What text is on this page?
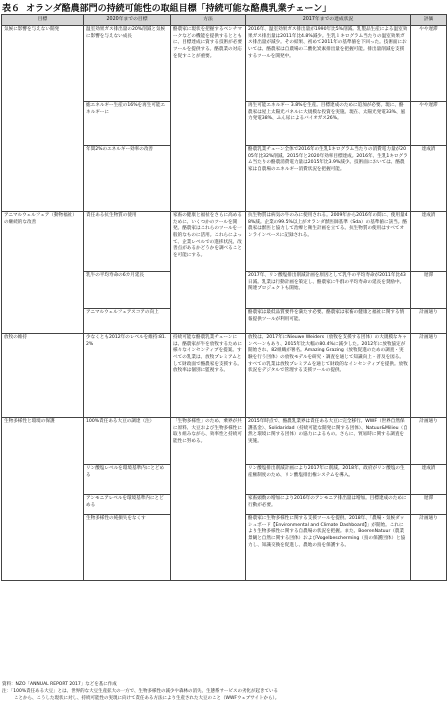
表６ オランダ酪農部門の持続可能性の取組目標「持続可能な酪農乳業チェーン」
目標	2020年までの目標	方法	2017年までの達成状況	評価
気候に影響を与えない開発	温室効果ガス排出量の20%削減と気候に影響を与えない成長	酪農家に現状を把握するベンチマークなどの機能を提供するとともに、目標達成に資する技術が必要ツールを提供する。酪農業の対応を促すことが重要。	2016年、温室効果ガス排出量が1990年比5%削減。乳製品生産による温室効果ガス排出量は2011年比4.8%減少。生乳１キログラム当たりの温室効果ガス排出量が減少。その結果、初めて2011年の基準値を下回った。技術面においては、酪農家は自農場の二酸化炭素排出量を把握可能。排出量削減を支援するツールを開発中。	やや遅滞
	総エネルギー生産の16%を再生可能エネルギーに		再生可能エネルギー 3.8%を生産。目標達成のために追加が必要。現に、酪農家は屋上太陽光パネルに大規模な投資を実施。現在、太陽光発電33%、風力発電38%、ふん尿によるバイオガス26%。	やや遅滞
	年間2%のエネルギー効率の改善		酪農乳業チェーン全体で2016年の生乳1キログラム当たりの消費電力量が2005年比32%削減。2015年と2020年効率目標達成。2016年、生乳1キログラム当たりの酪農消費電力量は2015年比3.9%減少。技術面においては、酪農家は自農場のエネルギー消費状況を把握可能。	達成済
アニマルウェルフェア（動物福祉）の継続的な改善	責任ある抗生物質の使用	家畜の健康と福祉をさらに高めるために、いくつかのツールを開発。酪農家はこれらのツールを一般的なものに活用。これらによって、企業レベルでの進捗状況、改善点があるかどうかを調べることを可能にする。	抗生物質は病気の牛のみに使用される。2009年から2016年の間に、使用量48%減。企業の99.5%以上がオランダ獣医師基準（Sda）の基準値に該当。酪農家は獣医と協力して治療と衛生計画を立てる。抗生物質の使用はすべてオンラインベースに記録される。	達成済
	乳牛の平均寿命の6カ月延長		2017年、リン酸塩排出削減計画を原因として乳牛の平均寿命が2011年比43日減。乳業は行動計画を策定し、酪農家に牛群の平均寿命の延長を奨励中。関連プロジェクトも開始。	遅滞
	アニマルウェルフェアスコアの向上		酪農家は最低品質要件を満たす必要。酪農家は家畜の健康と福祉に関する情報提供ツールが利用可能。	計画通り
放牧の維持	少なくとも2012年のレベルを維持:81.2%	持続可能な酪農乳業チェーンには、酪農家が牛を放牧するために様々なインセンティブを提案。すべての乳業は、放牧プレミアムとして財政面で酪農家を支援する。放牧率は個別に監視する。	放牧は、2017年にNieuwe Weiders（放牧を支援する団体）の大規模なキャンペーンもあり、2015年比大幅の80.4%に減少した。2012年に放牧協定が開始され、82組織が署名。Amazing Grazing（放牧促進のための調査・実験を行う団体）の放牧モデルを研究・調査を通じて知識向上・普及を図る。すべての乳業は放牧プレミアムを通じて財政的なインセンティブを提供。放牧状況をデジタルで管理する支援ツールの提供。	計画通り
生物多様性と環境の保護	100%責任ある大豆の調達（注）	「生物多様性」のため、乗界が共に原料、大豆および生物多様性に取り組みながら、効率性と持続可能性に努める。	2015年時点で、酪農乳業界は責任ある大豆に完全移行。WWF（世界自然保護基金）、Solidaridad（持続可能な開発に関する団体）、Natuur&Milieu（自然と環境に関する団体）の協力によるもの。さらに、貿易時に関する調査を実施。	計画通り
	リン酸塩レベルを環境基準内にとどめる		リン酸塩排出削減計画により2017年に削減。2018年、政府がリン酸塩の生産権制度のため、リン酸塩排出権システムを導入。	達成済
	アンモニアレベルを環境基準内にとどめる		家畜頭数の増加により2016年のアンモニア排出量は増加。目標達成のために行動が必要。	遅滞
	生物多様性の純損失をなくす		酪農家に生物多様性に関する支援ツールを提供。2018年、「農場・気候ダッシュボード【Environmental and Climate Dashboard】」が開始。これにより生物多様性に関する自農場の状況を把握。また、BoerenNatuur（農業景観と自然に関する団体）およびVogelbescherming（鳥の保護団体）と協力し、知識交換を促進し、農地の鳥を保護する。	計画通り
資料：NZO「ANNUAL REPORT 2017」などを基に作成
注：「100%責任ある大豆」とは、世界的な大豆生産拡大の一方で、生物多様性の減少や森林の消失、生態系サービスの劣化が起きている
ことから、こうした現状に対し、持続可能性の実現に向けて責任ある方法により生産された大豆のこと（WWFウェブサイトから）。
